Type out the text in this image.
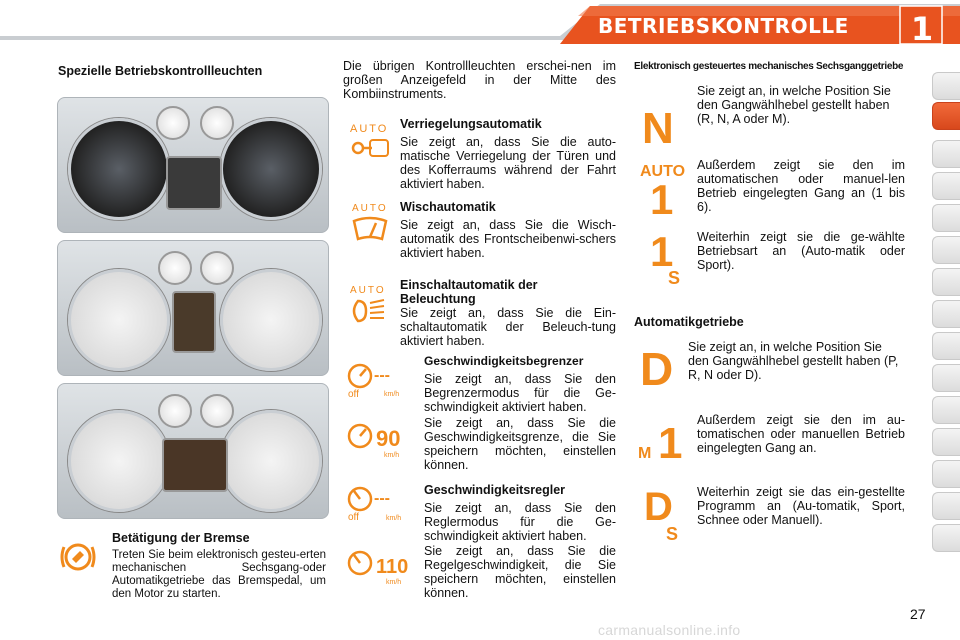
BETRIEBSKONTROLLE	1
Spezielle Betriebskontrollleuchten
Betätigung der Bremse
Treten Sie beim elektronisch gesteu-erten mechanischen Sechsgang-oder Automatikgetriebe das Bremspedal, um den Motor zu starten.
Die übrigen Kontrollleuchten erschei-nen im großen Anzeigefeld in der Mitte des Kombiinstruments.
AUTO Verriegelungsautomatik
Sie zeigt an, dass Sie die auto-matische Verriegelung der Türen und des Kofferraums während der Fahrt aktiviert haben.
AUTO Wischautomatik
Sie zeigt an, dass Sie die Wisch-automatik des Frontscheibenwi-schers aktiviert haben.
AUTO Einschaltautomatik der Beleuchtung
Sie zeigt an, dass Sie die Ein-schaltautomatik der Beleuch-tung aktiviert haben.
---
off	km/h
Geschwindigkeitsbegrenzer
Sie zeigt an, dass Sie den Begrenzermodus für die Ge-schwindigkeit aktiviert haben.
90
km/h
Sie zeigt an, dass Sie die Geschwindigkeitsgrenze, die Sie speichern möchten, einstellen können.
---
off	km/h
Geschwindigkeitsregler
Sie zeigt an, dass Sie den Reglermodus für die Ge-schwindigkeit aktiviert haben.
110
km/h
Sie zeigt an, dass Sie die Regelgeschwindigkeit, die Sie speichern möchten, einstellen können.
Elektronisch gesteuertes mechanisches Sechsganggetriebe
N
Sie zeigt an, in welche Position Sie den Gangwählhebel gestellt haben (R, N, A oder M).
AUTO
1
Außerdem zeigt sie den im automatischen oder manuel-len Betrieb eingelegten Gang an (1 bis 6).
1
S
Weiterhin zeigt sie die ge-wählte Betriebsart an (Auto-matik oder Sport).
Automatikgetriebe
D Sie zeigt an, in welche Position Sie den Gangwählhebel gestellt haben (P, R, N oder D).
M 1 Außerdem zeigt sie den im au-tomatischen oder manuellen Betrieb eingelegten Gang an.
D
S
Weiterhin zeigt sie das ein-gestellte Programm an (Au-tomatik, Sport, Schnee oder Manuell).
27
carmanualsonline.info
